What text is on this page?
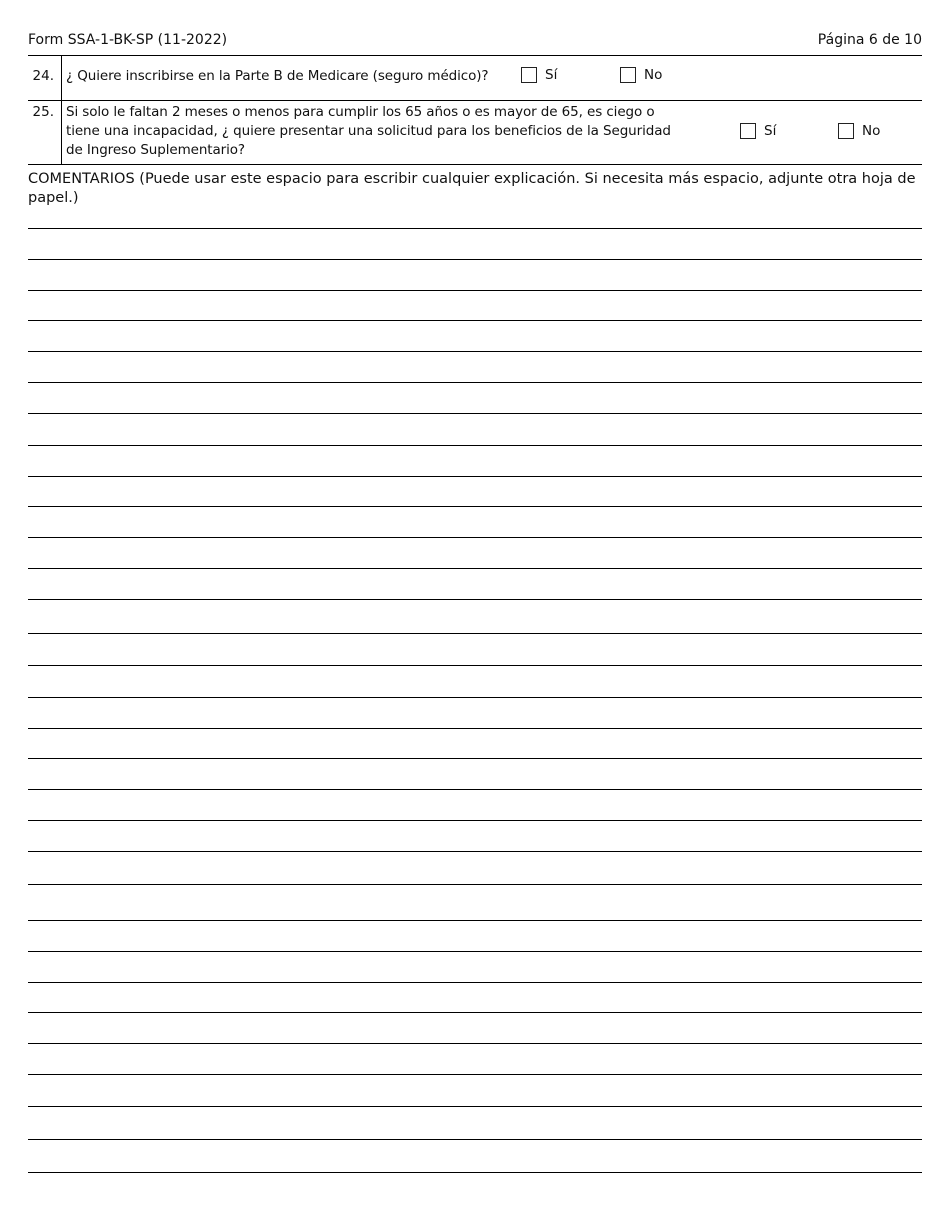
Form SSA-1-BK-SP (11-2022)	Página 6 de 10
24. ¿ Quiere inscribirse en la Parte B de Medicare (seguro médico)?	Sí	No
25. Si solo le faltan 2 meses o menos para cumplir los 65 años o es mayor de 65, es ciego o
tiene una incapacidad, ¿ quiere presentar una solicitud para los beneficios de la Seguridad
de Ingreso Suplementario?
Sí	No
COMENTARIOS (Puede usar este espacio para escribir cualquier explicación. Si necesita más espacio, adjunte otra hoja de papel.)
